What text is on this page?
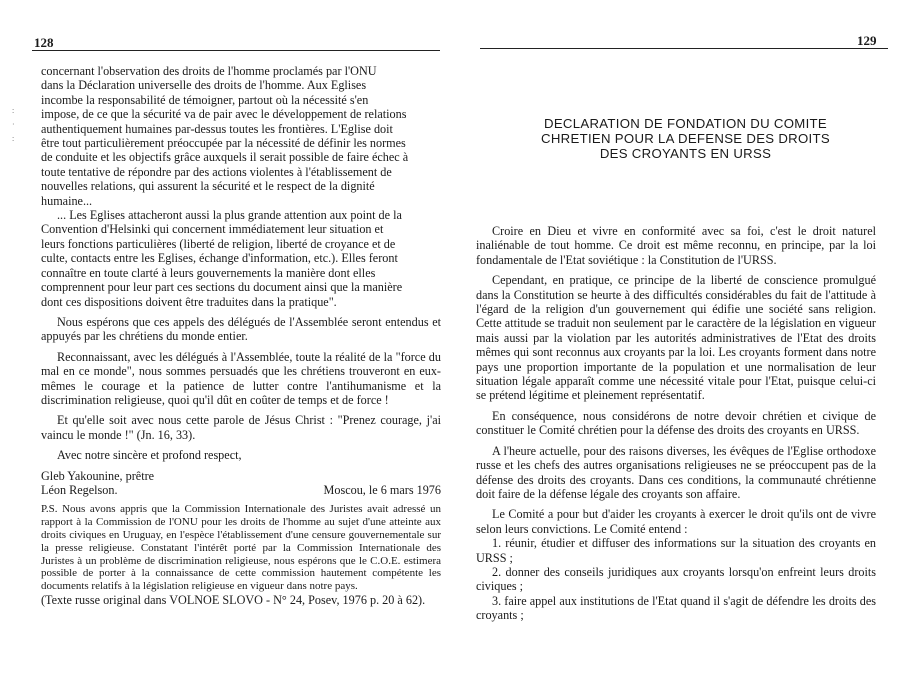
128
:
·
:
concernant l'observation des droits de l'homme proclamés par l'ONU
dans la Déclaration universelle des droits de l'homme. Aux Eglises
incombe la responsabilité de témoigner, partout où la nécessité s'en
impose, de ce que la sécurité va de pair avec le développement de relations
authentiquement humaines par-dessus toutes les frontières. L'Eglise doit
être tout particulièrement préoccupée par la nécessité de définir les normes
de conduite et les objectifs grâce auxquels il serait possible de faire échec à
toute tentative de répondre par des actions violentes à l'établissement de
nouvelles relations, qui assurent la sécurité et le respect de la dignité
humaine...
... Les Eglises attacheront aussi la plus grande attention aux point de la
Convention d'Helsinki qui concernent immédiatement leur situation et
leurs fonctions particulières (liberté de religion, liberté de croyance et de
culte, contacts entre les Eglises, échange d'information, etc.). Elles feront
connaître en toute clarté à leurs gouvernements la manière dont elles
comprennent pour leur part ces sections du document ainsi que la manière
dont ces dispositions doivent être traduites dans la pratique".

Nous espérons que ces appels des délégués de l'Assemblée seront entendus et appuyés par les chrétiens du monde entier.

Reconnaissant, avec les délégués à l'Assemblée, toute la réalité de la "force du mal en ce monde", nous sommes persuadés que les chrétiens trouveront en eux-mêmes le courage et la patience de lutter contre l'antihumanisme et la discrimination religieuse, quoi qu'il dût en coûter de temps et de force !

Et qu'elle soit avec nous cette parole de Jésus Christ : "Prenez courage, j'ai vaincu le monde !" (Jn. 16, 33).

Avec notre sincère et profond respect,

Gleb Yakounine, prêtre

Léon Regelson.	Moscou, le 6 mars 1976

P.S. Nous avons appris que la Commission Internationale des Juristes avait adressé un rapport à la Commission de l'ONU pour les droits de l'homme au sujet d'une atteinte aux droits civiques en Uruguay, en l'espèce l'établissement d'une censure gouvernementale sur la presse religieuse. Constatant l'intérêt porté par la Commission Internationale des Juristes à un problème de discrimination religieuse, nous espérons que le C.O.E. estimera possible de porter à la connaissance de cette commission hautement compétente les documents relatifs à la législation religieuse en vigueur dans notre pays.

(Texte russe original dans VOLNOE SLOVO - N° 24, Posev, 1976 p. 20 à 62).

129
DECLARATION DE FONDATION DU COMITE
CHRETIEN POUR LA DEFENSE DES DROITS
DES CROYANTS EN URSS

Croire en Dieu et vivre en conformité avec sa foi, c'est le droit naturel inaliénable de tout homme. Ce droit est même reconnu, en principe, par la loi fondamentale de l'Etat soviétique : la Constitution de l'URSS.

Cependant, en pratique, ce principe de la liberté de conscience promulgué dans la Constitution se heurte à des difficultés considérables du fait de l'attitude à l'égard de la religion d'un gouvernement qui édifie une société sans religion. Cette attitude se traduit non seulement par le caractère de la législation en vigueur mais aussi par la violation par les autorités administratives de l'Etat des droits mêmes qui sont reconnus aux croyants par la loi. Les croyants forment dans notre pays une proportion importante de la population et une normalisation de leur situation légale apparaît comme une nécessité vitale pour l'Etat, puisque celui-ci se prétend légitime et pleinement représentatif.

En conséquence, nous considérons de notre devoir chrétien et civique de constituer le Comité chrétien pour la défense des droits des croyants en URSS.

A l'heure actuelle, pour des raisons diverses, les évêques de l'Eglise orthodoxe russe et les chefs des autres organisations religieuses ne se préoccupent pas de la défense des droits des croyants. Dans ces conditions, la communauté chrétienne doit faire de la défense légale des croyants son affaire.

Le Comité a pour but d'aider les croyants à exercer le droit qu'ils ont de vivre selon leurs convictions. Le Comité entend :

1. réunir, étudier et diffuser des informations sur la situation des croyants en URSS ;

2. donner des conseils juridiques aux croyants lorsqu'on enfreint leurs droits civiques ;

3. faire appel aux institutions de l'Etat quand il s'agit de défendre les droits des croyants ;
